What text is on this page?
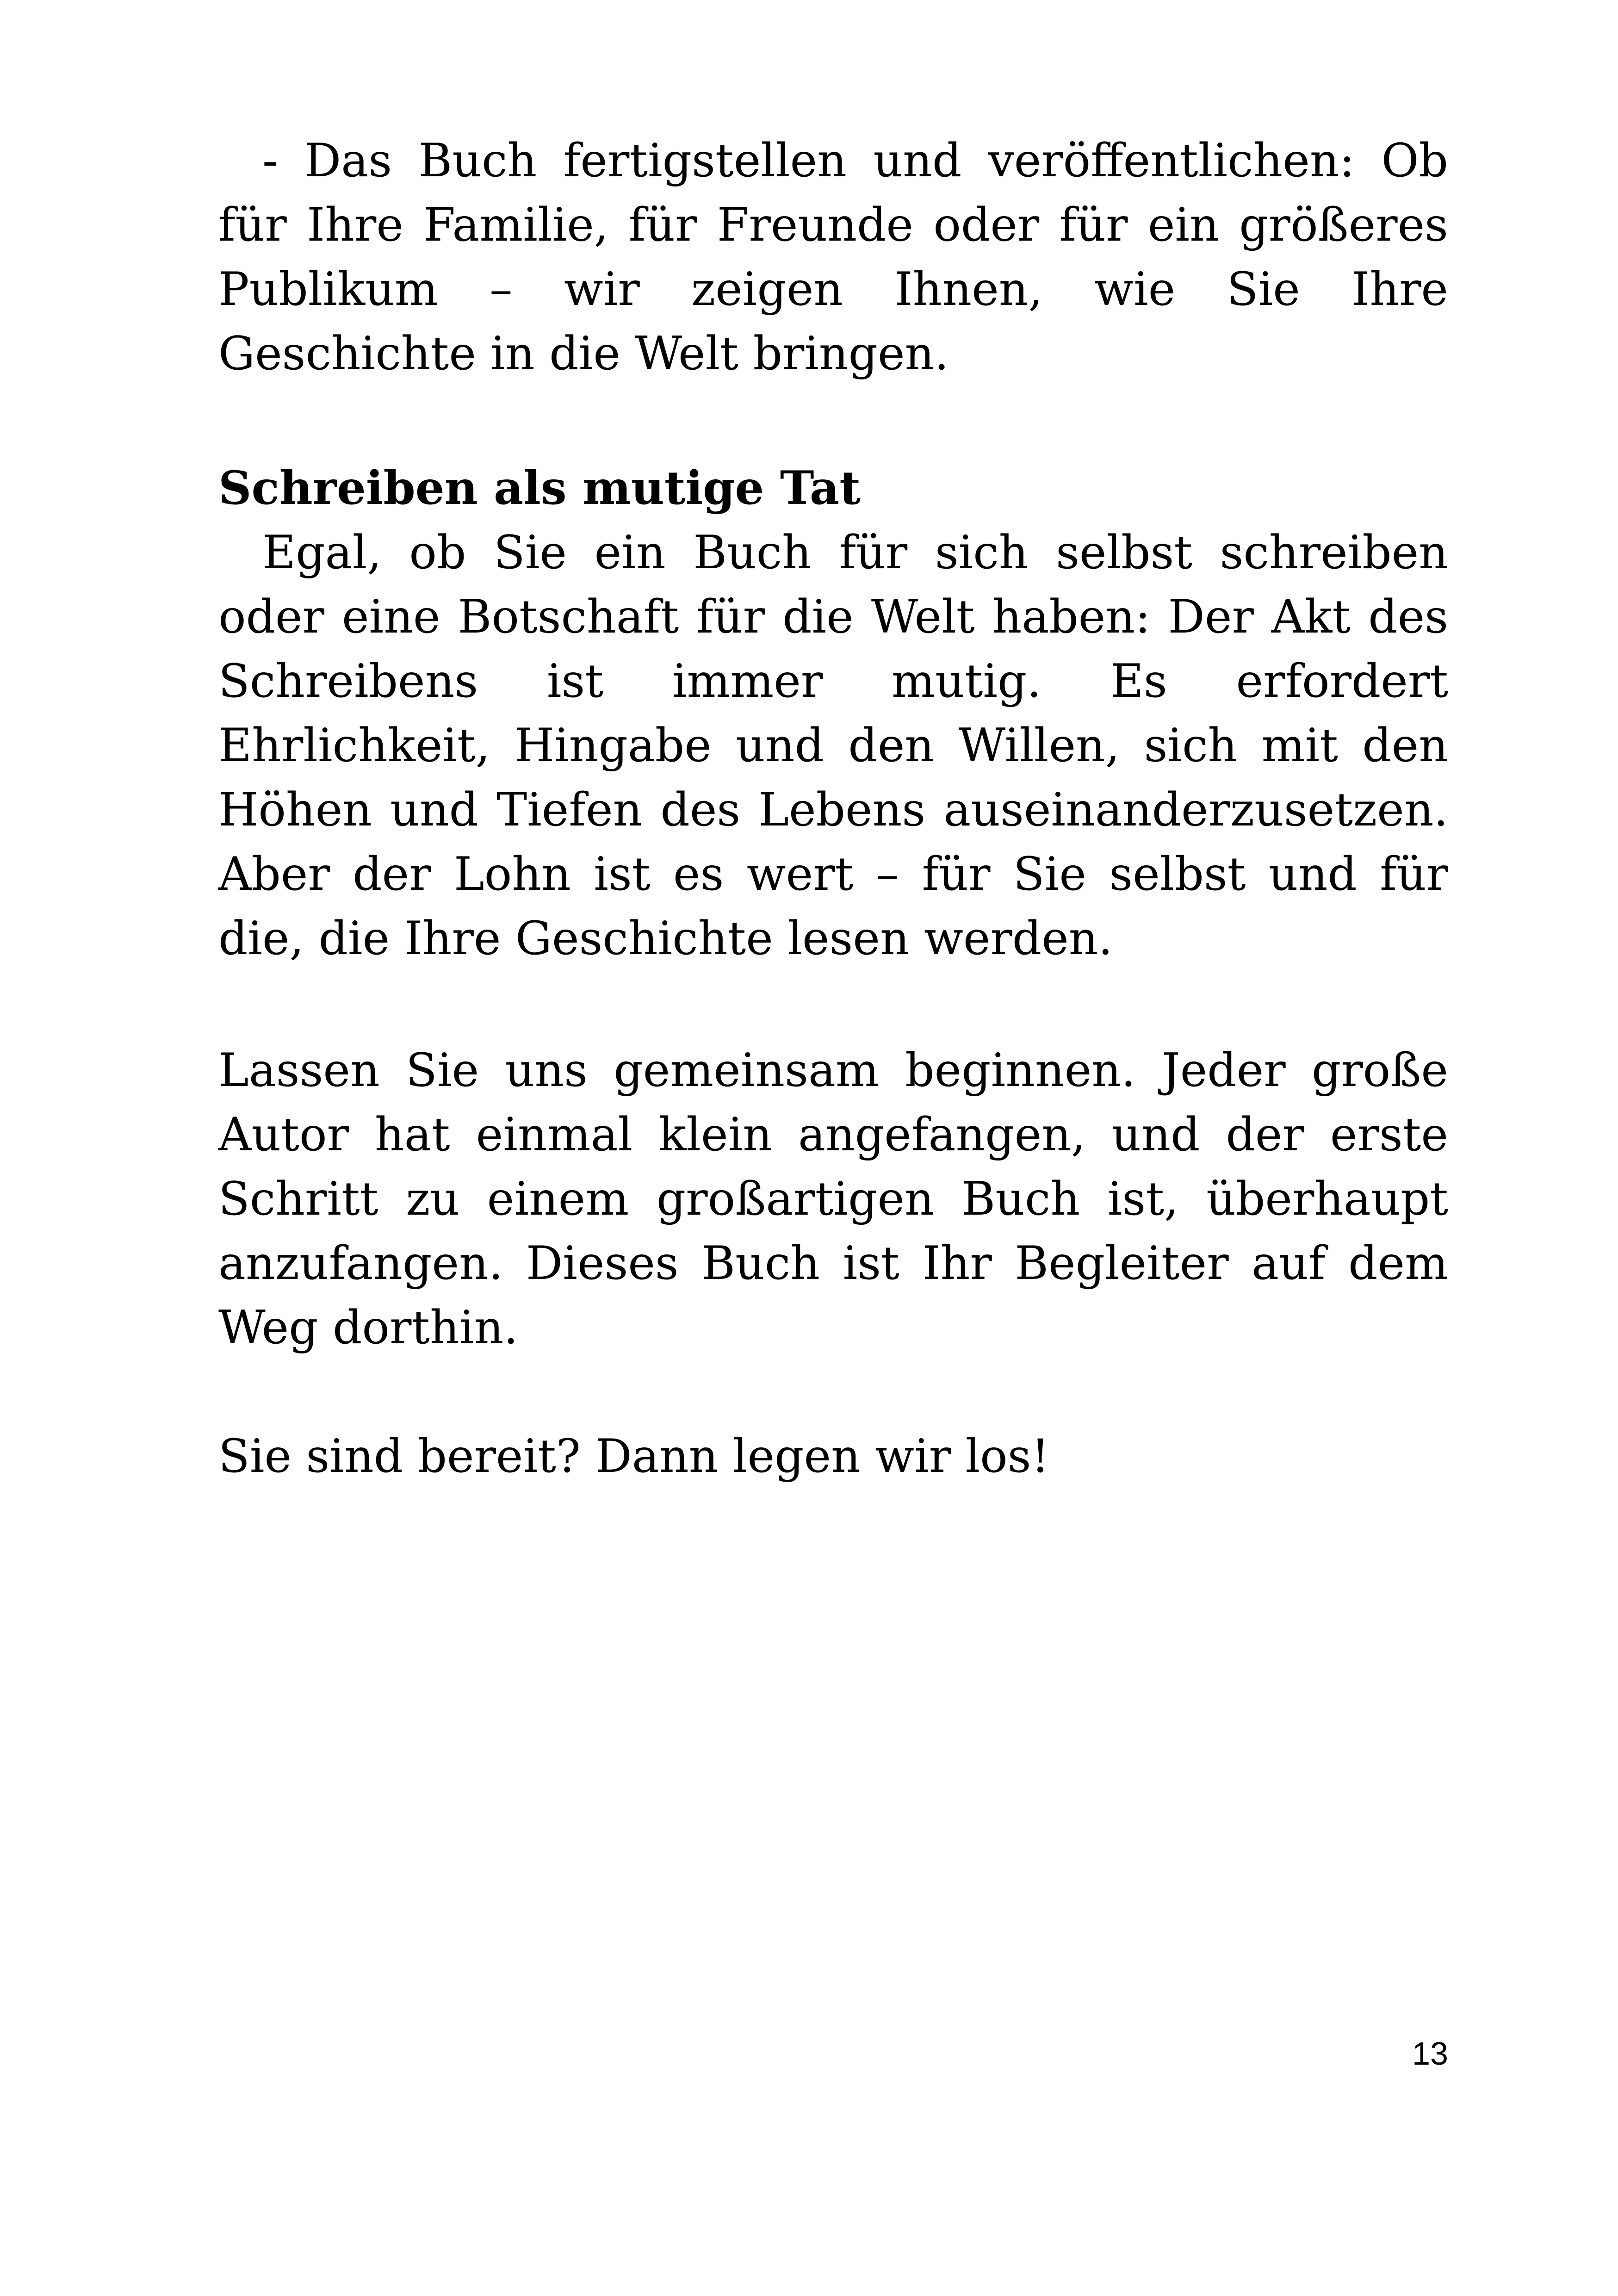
- Das Buch fertigstellen und veröffentlichen: Ob für Ihre Familie, für Freunde oder für ein größeres Publikum – wir zeigen Ihnen, wie Sie Ihre Geschichte in die Welt bringen.

Schreiben als mutige Tat

Egal, ob Sie ein Buch für sich selbst schreiben oder eine Botschaft für die Welt haben: Der Akt des Schreibens ist immer mutig. Es erfordert Ehrlichkeit, Hingabe und den Willen, sich mit den Höhen und Tiefen des Lebens auseinanderzusetzen. Aber der Lohn ist es wert – für Sie selbst und für die, die Ihre Geschichte lesen werden.

Lassen Sie uns gemeinsam beginnen. Jeder große Autor hat einmal klein angefangen, und der erste Schritt zu einem großartigen Buch ist, überhaupt anzufangen. Dieses Buch ist Ihr Begleiter auf dem Weg dorthin.

Sie sind bereit? Dann legen wir los!

13
